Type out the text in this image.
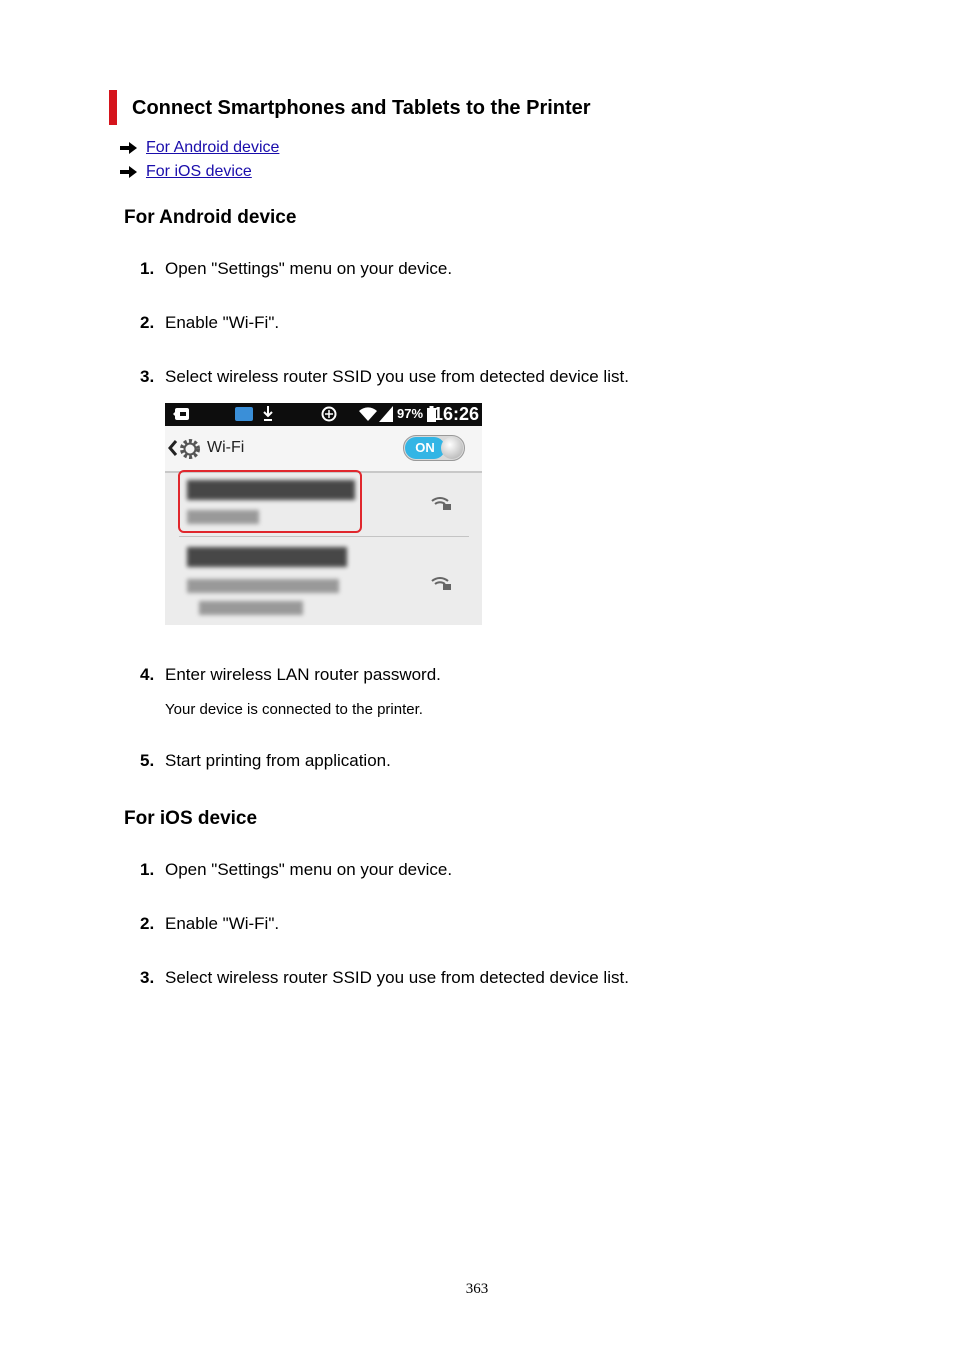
Connect Smartphones and Tablets to the Printer
For Android device
For iOS device
For Android device
1. Open "Settings" menu on your device.
2. Enable "Wi-Fi".
3. Select wireless router SSID you use from detected device list.
97% 16:26
Wi-Fi	ON
4. Enter wireless LAN router password.
Your device is connected to the printer.
5. Start printing from application.
For iOS device
1. Open "Settings" menu on your device.
2. Enable "Wi-Fi".
3. Select wireless router SSID you use from detected device list.
363
